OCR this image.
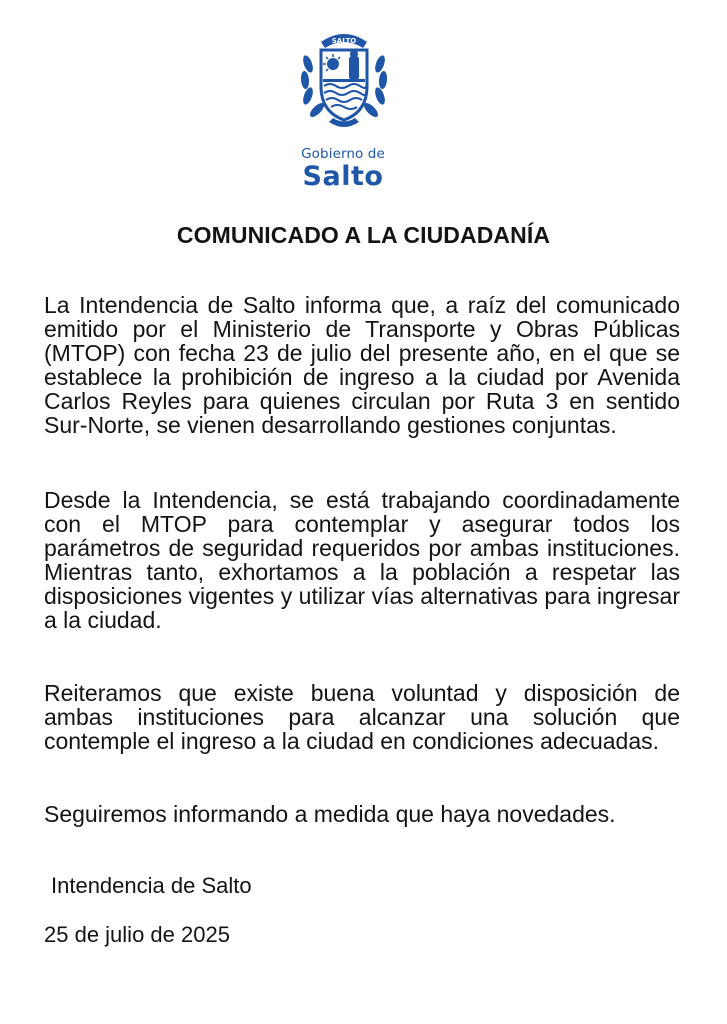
SALTO
Gobierno de
Salto
COMUNICADO A LA CIUDADANÍA

La Intendencia de Salto informa que, a raíz del comunicado emitido por el Ministerio de Transporte y Obras Públicas (MTOP) con fecha 23 de julio del presente año, en el que se establece la prohibición de ingreso a la ciudad por Avenida Carlos Reyles para quienes circulan por Ruta 3 en sentido Sur-Norte, se vienen desarrollando gestiones conjuntas.

Desde la Intendencia, se está trabajando coordinadamente con el MTOP para contemplar y asegurar todos los parámetros de seguridad requeridos por ambas instituciones. Mientras tanto, exhortamos a la población a respetar las disposiciones vigentes y utilizar vías alternativas para ingresar a la ciudad.

Reiteramos que existe buena voluntad y disposición de ambas instituciones para alcanzar una solución que contemple el ingreso a la ciudad en condiciones adecuadas.

Seguiremos informando a medida que haya novedades.

Intendencia de Salto

25 de julio de 2025
